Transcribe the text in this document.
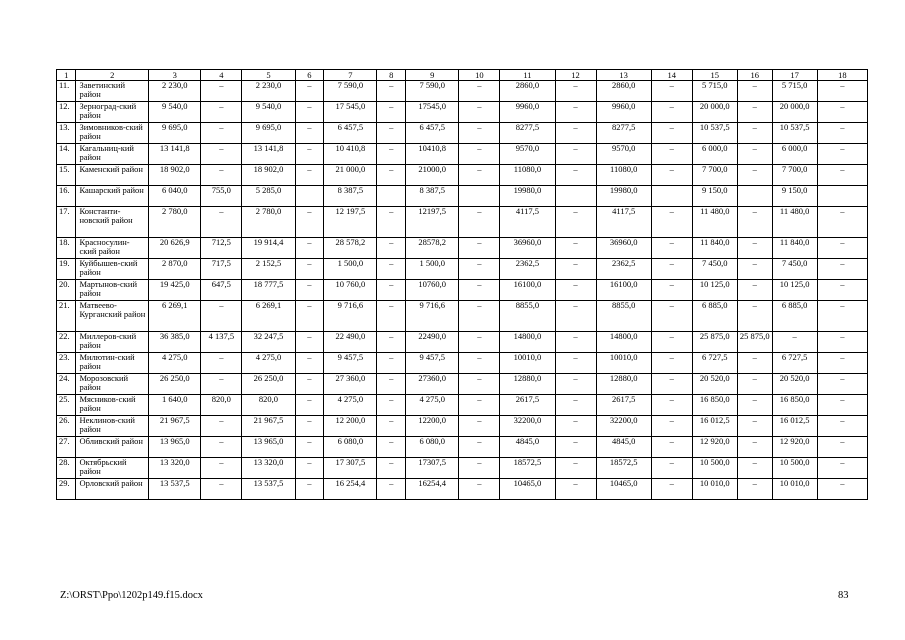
1	2	3	4	5	6	7	8	9	10	11	12	13	14	15	16	17	18
11.	Заветинский район	2 230,0	–	2 230,0	–	7 590,0	–	7 590,0	–	2860,0	–	2860,0	–	5 715,0	–	5 715,0	–
12.	Зерноград-ский район	9 540,0	–	9 540,0	–	17 545,0	–	17545,0	–	9960,0	–	9960,0	–	20 000,0	–	20 000,0	–
13.	Зимовников-ский район	9 695,0	–	9 695,0	–	6 457,5	–	6 457,5	–	8277,5	–	8277,5	–	10 537,5	–	10 537,5	–
14.	Кагальниц-кий район	13 141,8	–	13 141,8	–	10 410,8	–	10410,8	–	9570,0	–	9570,0	–	6 000,0	–	6 000,0	–
15.	Каменский район	18 902,0	–	18 902,0	–	21 000,0	–	21000,0	–	11080,0	–	11080,0	–	7 700,0	–	7 700,0	–
16.	Кашарский район	6 040,0	755,0	5 285,0		8 387,5		8 387,5		19980,0		19980,0		9 150,0		9 150,0	
17.	Константи-новский район	2 780,0	–	2 780,0	–	12 197,5	–	12197,5	–	4117,5	–	4117,5	–	11 480,0	–	11 480,0	–
18.	Красносулин-ский район	20 626,9	712,5	19 914,4	–	28 578,2	–	28578,2	–	36960,0	–	36960,0	–	11 840,0	–	11 840,0	–
19.	Куйбышев-ский район	2 870,0	717,5	2 152,5	–	1 500,0	–	1 500,0	–	2362,5	–	2362,5	–	7 450,0	–	7 450,0	–
20.	Мартынов-ский район	19 425,0	647,5	18 777,5	–	10 760,0	–	10760,0	–	16100,0	–	16100,0	–	10 125,0	–	10 125,0	–
21.	Матвеево-Курганский район	6 269,1	–	6 269,1	–	9 716,6	–	9 716,6	–	8855,0	–	8855,0	–	6 885,0	–	6 885,0	–
22.	Миллеров-ский район	36 385,0	4 137,5	32 247,5	–	22 490,0	–	22490,0	–	14800,0	–	14800,0	–	25 875,0	25 875,0	–	–
23.	Милютин-ский район	4 275,0	–	4 275,0	–	9 457,5	–	9 457,5	–	10010,0	–	10010,0	–	6 727,5	–	6 727,5	–
24.	Морозовский район	26 250,0	–	26 250,0	–	27 360,0	–	27360,0	–	12880,0	–	12880,0	–	20 520,0	–	20 520,0	–
25.	Мясников-ский район	1 640,0	820,0	820,0	–	4 275,0	–	4 275,0	–	2617,5	–	2617,5	–	16 850,0	–	16 850,0	–
26.	Неклинов-ский район	21 967,5	–	21 967,5	–	12 200,0	–	12200,0	–	32200,0	–	32200,0	–	16 012,5	–	16 012,5	–
27.	Обливский район	13 965,0	–	13 965,0	–	6 080,0	–	6 080,0	–	4845,0	–	4845,0	–	12 920,0	–	12 920,0	–
28.	Октябрьский район	13 320,0	–	13 320,0	–	17 307,5	–	17307,5	–	18572,5	–	18572,5	–	10 500,0	–	10 500,0	–
29.	Орловский район	13 537,5	–	13 537,5	–	16 254,4	–	16254,4	–	10465,0	–	10465,0	–	10 010,0	–	10 010,0	–
Z:\ORST\Ppo\1202p149.f15.docx	83
